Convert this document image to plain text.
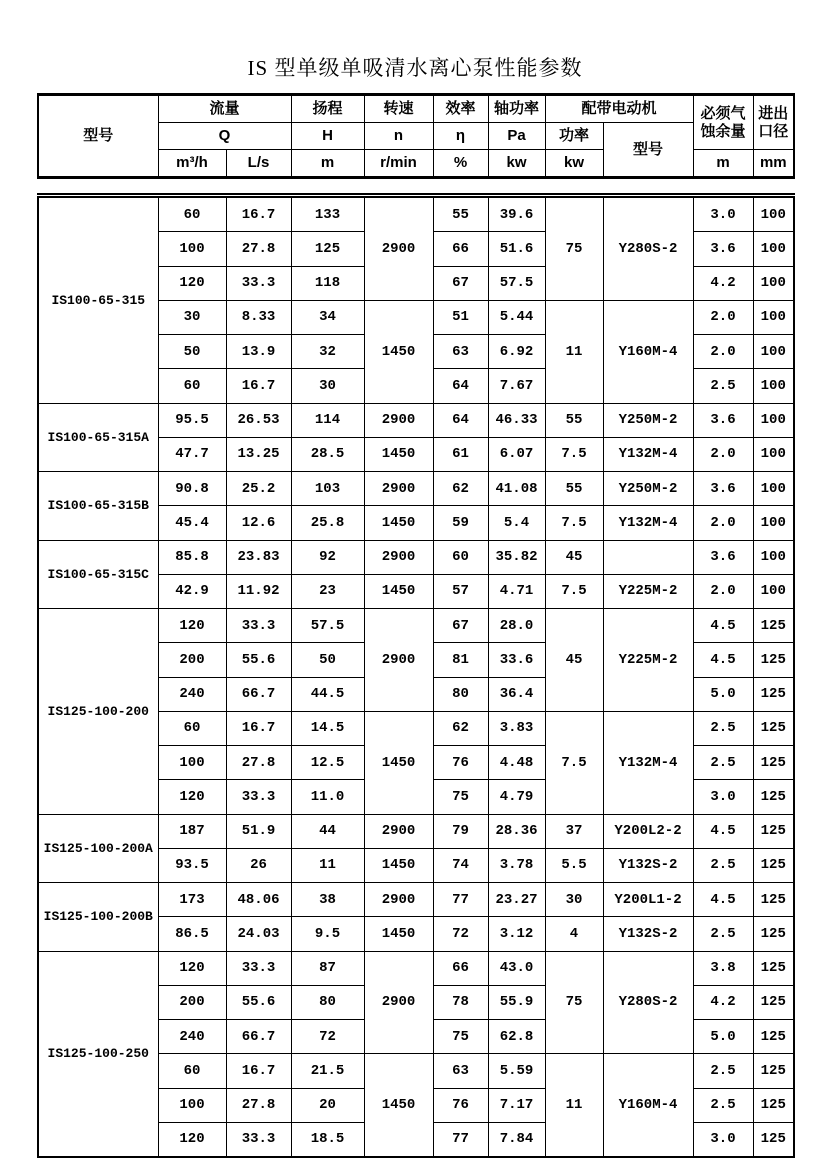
IS 型单级单吸清水离心泵性能参数
型号	流量		扬程	转速	效率	轴功率	配带电动机		必须气蚀余量	进出口径
	Q		H	n	η	Pa	功率	型号		
	m³/h	L/s	m	r/min	%	kw	kw		m	mm
IS100-65-315	60	16.7	133	2900	55	39.6	75	Y280S-2	3.0	100
	100	27.8	125		66	51.6			3.6	100
	120	33.3	118		67	57.5			4.2	100
	30	8.33	34	1450	51	5.44	11	Y160M-4	2.0	100
	50	13.9	32		63	6.92			2.0	100
	60	16.7	30		64	7.67			2.5	100
IS100-65-315A	95.5	26.53	114	2900	64	46.33	55	Y250M-2	3.6	100
	47.7	13.25	28.5	1450	61	6.07	7.5	Y132M-4	2.0	100
IS100-65-315B	90.8	25.2	103	2900	62	41.08	55	Y250M-2	3.6	100
	45.4	12.6	25.8	1450	59	5.4	7.5	Y132M-4	2.0	100
IS100-65-315C	85.8	23.83	92	2900	60	35.82	45		3.6	100
	42.9	11.92	23	1450	57	4.71	7.5	Y225M-2	2.0	100
IS125-100-200	120	33.3	57.5	2900	67	28.0	45	Y225M-2	4.5	125
	200	55.6	50		81	33.6			4.5	125
	240	66.7	44.5		80	36.4			5.0	125
	60	16.7	14.5	1450	62	3.83	7.5	Y132M-4	2.5	125
	100	27.8	12.5		76	4.48			2.5	125
	120	33.3	11.0		75	4.79			3.0	125
IS125-100-200A	187	51.9	44	2900	79	28.36	37	Y200L2-2	4.5	125
	93.5	26	11	1450	74	3.78	5.5	Y132S-2	2.5	125
IS125-100-200B	173	48.06	38	2900	77	23.27	30	Y200L1-2	4.5	125
	86.5	24.03	9.5	1450	72	3.12	4	Y132S-2	2.5	125
IS125-100-250	120	33.3	87	2900	66	43.0	75	Y280S-2	3.8	125
	200	55.6	80		78	55.9			4.2	125
	240	66.7	72		75	62.8			5.0	125
	60	16.7	21.5	1450	63	5.59	11	Y160M-4	2.5	125
	100	27.8	20		76	7.17			2.5	125
	120	33.3	18.5		77	7.84			3.0	125
